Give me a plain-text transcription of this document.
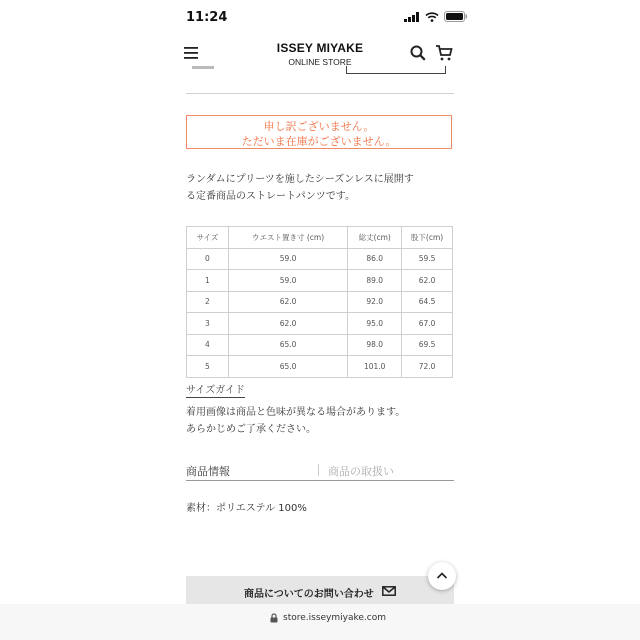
11:24
ISSEY MIYAKE
ONLINE STORE
申し訳ございません。
ただいま在庫がございません。
ランダムにプリーツを施したシーズンレスに展開す
る定番商品のストレートパンツです。
サイズ	ウエスト置き寸 (cm)	総丈(cm)	股下(cm)
0	59.0	86.0	59.5
1	59.0	89.0	62.0
2	62.0	92.0	64.5
3	62.0	95.0	67.0
4	65.0	98.0	69.5
5	65.0	101.0	72.0
サイズガイド
着用画像は商品と色味が異なる場合があります。
あらかじめご了承ください。
商品情報	商品の取扱い
素材：ポリエステル 100%
商品についてのお問い合わせ
store.isseymiyake.com
